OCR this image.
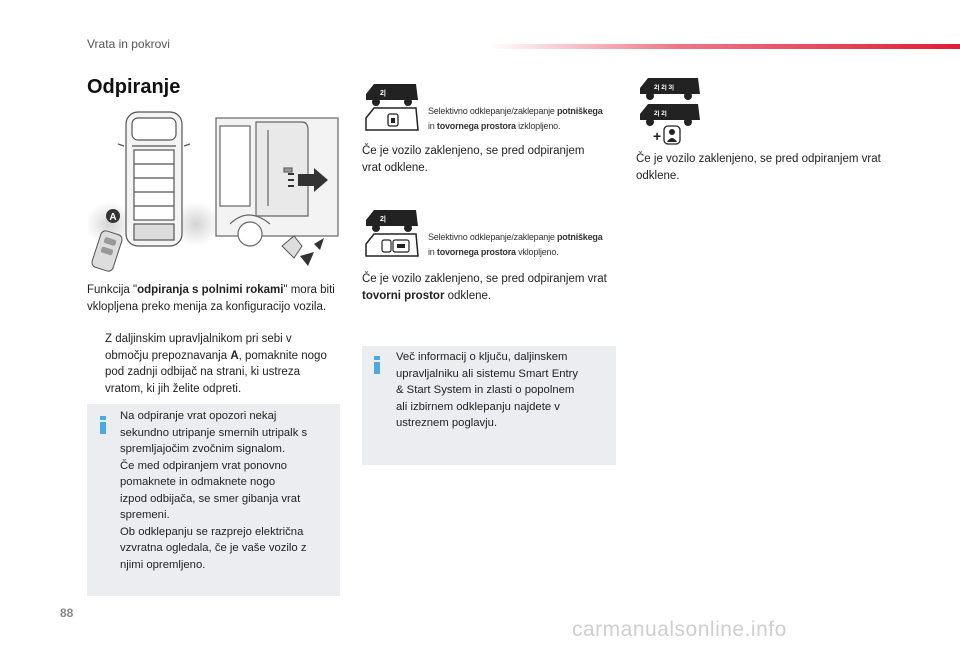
Vrata in pokrovi
Odpiranje
A
Funkcija "odpiranja s polnimi rokami" mora biti vklopljena preko menija za konfiguracijo vozila.
Z daljinskim upravljalnikom pri sebi v območju prepoznavanja A, pomaknite nogo pod zadnji odbijač na strani, ki ustreza vratom, ki jih želite odpreti.
Na odpiranje vrat opozori nekaj
sekundno utripanje smernih utripalk s
spremljajočim zvočnim signalom.
Če med odpiranjem vrat ponovno
pomaknete in odmaknete nogo
izpod odbijača, se smer gibanja vrat
spremeni.
Ob odklepanju se razprejo električna
vzvratna ogledala, če je vaše vozilo z
njimi opremljeno.
2|
Selektivno odklepanje/zaklepanje potniškega
in tovornega prostora izklopljeno.
Če je vozilo zaklenjeno, se pred odpiranjem vrat odklene.
2|
Selektivno odklepanje/zaklepanje potniškega
in tovornega prostora vklopljeno.
Če je vozilo zaklenjeno, se pred odpiranjem vrat tovorni prostor odklene.
Več informacij o ključu, daljinskem
upravljalniku ali sistemu Smart Entry
& Start System in zlasti o popolnem
ali izbirnem odklepanju najdete v
ustreznem poglavju.
2| 2| 3|
2| 2|
+
Če je vozilo zaklenjeno, se pred odpiranjem vrat odklene.
88
carmanualsonline.info
